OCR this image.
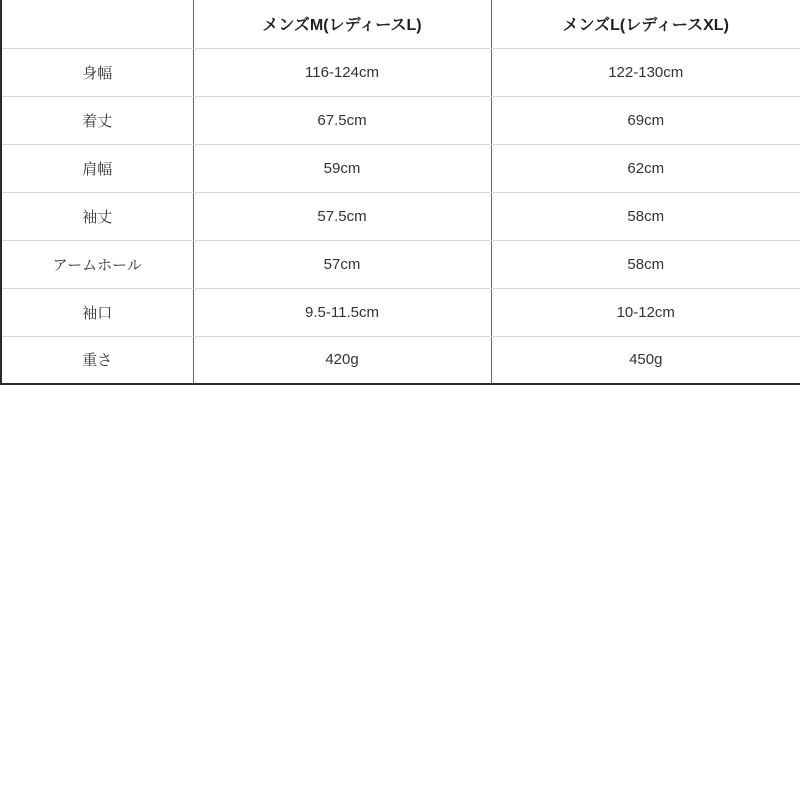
	メンズM(レディースL)	メンズL(レディースXL)
身幅	116-124cm	122-130cm
着丈	67.5cm	69cm
肩幅	59cm	62cm
袖丈	57.5cm	58cm
アームホール	57cm	58cm
袖口	9.5-11.5cm	10-12cm
重さ	420g	450g
